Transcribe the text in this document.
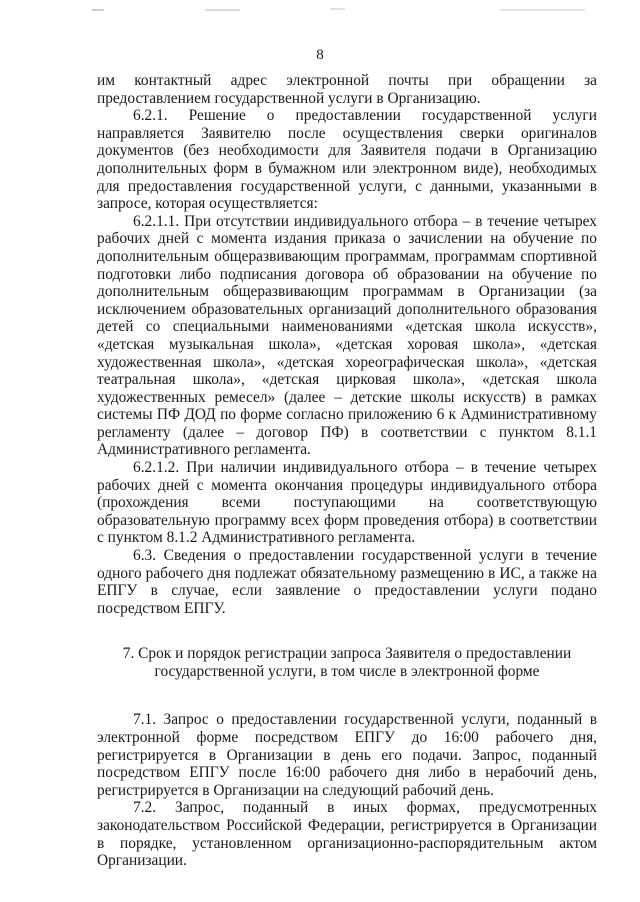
8

им контактный адрес электронной почты при обращении за предоставлением государственной услуги в Организацию.

6.2.1. Решение о предоставлении государственной услуги направляется Заявителю после осуществления сверки оригиналов документов (без необходимости для Заявителя подачи в Организацию дополнительных форм в бумажном или электронном виде), необходимых для предоставления государственной услуги, с данными, указанными в запросе, которая осуществляется:

6.2.1.1. При отсутствии индивидуального отбора – в течение четырех рабочих дней с момента издания приказа о зачислении на обучение по дополнительным общеразвивающим программам, программам спортивной подготовки либо подписания договора об образовании на обучение по дополнительным общеразвивающим программам в Организации (за исключением образовательных организаций дополнительного образования детей со специальными наименованиями «детская школа искусств», «детская музыкальная школа», «детская хоровая школа», «детская художественная школа», «детская хореографическая школа», «детская театральная школа», «детская цирковая школа», «детская школа художественных ремесел» (далее – детские школы искусств) в рамках системы ПФ ДОД по форме согласно приложению 6 к Административному регламенту (далее – договор ПФ) в соответствии с пунктом 8.1.1 Административного регламента.

6.2.1.2. При наличии индивидуального отбора – в течение четырех рабочих дней с момента окончания процедуры индивидуального отбора (прохождения всеми поступающими на соответствующую образовательную программу всех форм проведения отбора) в соответствии с пунктом 8.1.2 Административного регламента.

6.3. Сведения о предоставлении государственной услуги в течение одного рабочего дня подлежат обязательному размещению в ИС, а также на ЕПГУ в случае, если заявление о предоставлении услуги подано посредством ЕПГУ.

7. Срок и порядок регистрации запроса Заявителя о предоставлении
государственной услуги, в том числе в электронной форме

7.1. Запрос о предоставлении государственной услуги, поданный в электронной форме посредством ЕПГУ до 16:00 рабочего дня, регистрируется в Организации в день его подачи. Запрос, поданный посредством ЕПГУ после 16:00 рабочего дня либо в нерабочий день, регистрируется в Организации на следующий рабочий день.

7.2. Запрос, поданный в иных формах, предусмотренных законодательством Российской Федерации, регистрируется в Организации в порядке, установленном организационно-распорядительным актом Организации.
